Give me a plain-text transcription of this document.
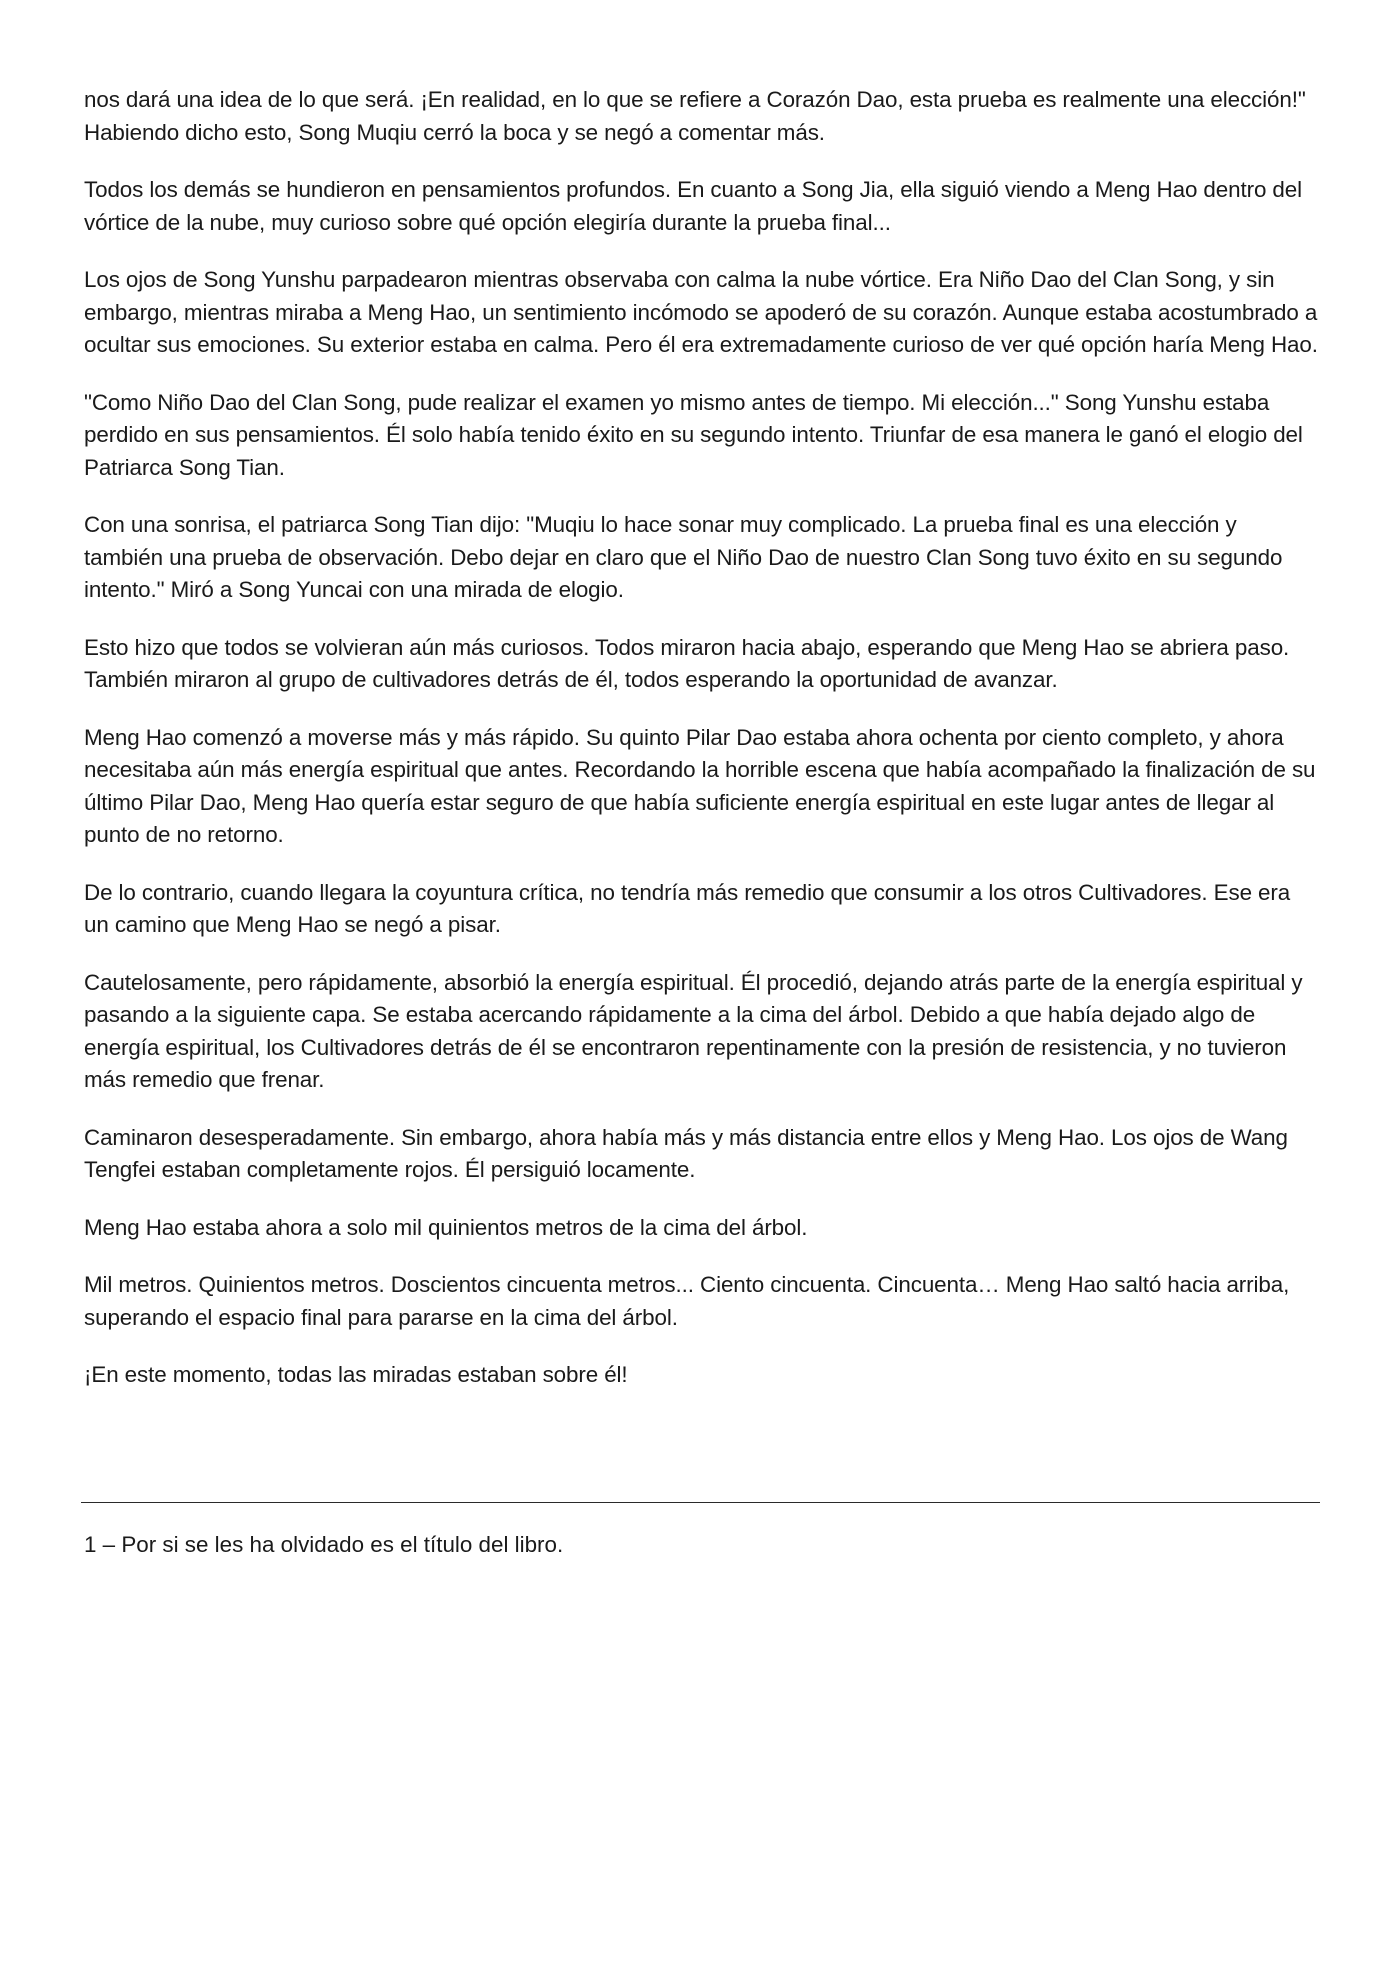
nos dará una idea de lo que será. ¡En realidad, en lo que se refiere a Corazón Dao, esta prueba es realmente una elección!" Habiendo dicho esto, Song Muqiu cerró la boca y se negó a comentar más.

Todos los demás se hundieron en pensamientos profundos. En cuanto a Song Jia, ella siguió viendo a Meng Hao dentro del vórtice de la nube, muy curioso sobre qué opción elegiría durante la prueba final...

Los ojos de Song Yunshu parpadearon mientras observaba con calma la nube vórtice. Era Niño Dao del Clan Song, y sin embargo, mientras miraba a Meng Hao, un sentimiento incómodo se apoderó de su corazón. Aunque estaba acostumbrado a ocultar sus emociones. Su exterior estaba en calma. Pero él era extremadamente curioso de ver qué opción haría Meng Hao.

"Como Niño Dao del Clan Song, pude realizar el examen yo mismo antes de tiempo. Mi elección..." Song Yunshu estaba perdido en sus pensamientos. Él solo había tenido éxito en su segundo intento. Triunfar de esa manera le ganó el elogio del Patriarca Song Tian.

Con una sonrisa, el patriarca Song Tian dijo: "Muqiu lo hace sonar muy complicado. La prueba final es una elección y también una prueba de observación. Debo dejar en claro que el Niño Dao de nuestro Clan Song tuvo éxito en su segundo intento." Miró a Song Yuncai con una mirada de elogio.

Esto hizo que todos se volvieran aún más curiosos. Todos miraron hacia abajo, esperando que Meng Hao se abriera paso. También miraron al grupo de cultivadores detrás de él, todos esperando la oportunidad de avanzar.

Meng Hao comenzó a moverse más y más rápido. Su quinto Pilar Dao estaba ahora ochenta por ciento completo, y ahora necesitaba aún más energía espiritual que antes. Recordando la horrible escena que había acompañado la finalización de su último Pilar Dao, Meng Hao quería estar seguro de que había suficiente energía espiritual en este lugar antes de llegar al punto de no retorno.

De lo contrario, cuando llegara la coyuntura crítica, no tendría más remedio que consumir a los otros Cultivadores. Ese era un camino que Meng Hao se negó a pisar.

Cautelosamente, pero rápidamente, absorbió la energía espiritual. Él procedió, dejando atrás parte de la energía espiritual y pasando a la siguiente capa. Se estaba acercando rápidamente a la cima del árbol. Debido a que había dejado algo de energía espiritual, los Cultivadores detrás de él se encontraron repentinamente con la presión de resistencia, y no tuvieron más remedio que frenar.

Caminaron desesperadamente. Sin embargo, ahora había más y más distancia entre ellos y Meng Hao. Los ojos de Wang Tengfei estaban completamente rojos. Él persiguió locamente.

Meng Hao estaba ahora a solo mil quinientos metros de la cima del árbol.

Mil metros. Quinientos metros. Doscientos cincuenta metros... Ciento cincuenta. Cincuenta… Meng Hao saltó hacia arriba, superando el espacio final para pararse en la cima del árbol.

¡En este momento, todas las miradas estaban sobre él!

1 – Por si se les ha olvidado es el título del libro.
